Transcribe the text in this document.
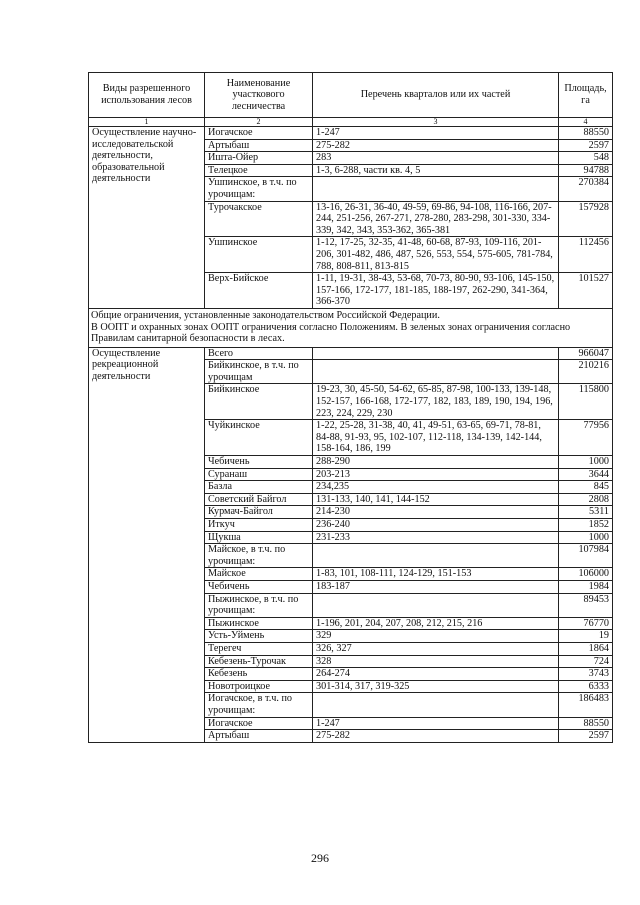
Виды разрешенного использования лесов	Наименование участкового лесничества	Перечень кварталов или их частей	Площадь, га
1	2	3	4
Осуществление научно-исследовательской деятельности, образовательной деятельности	Иогачское	1-247	88550
	Артыбаш	275-282	2597
	Ишта-Ойер	283	548
	Телецкое	1-3, 6-288, части кв. 4, 5	94788
	Ушпинское, в т.ч. по урочищам:		270384
	Турочакское	13-16, 26-31, 36-40, 49-59, 69-86, 94-108, 116-166, 207-244, 251-256, 267-271, 278-280, 283-298, 301-330, 334-339, 342, 343, 353-362, 365-381	157928
	Ушпинское	1-12, 17-25, 32-35, 41-48, 60-68, 87-93, 109-116, 201-206, 301-482, 486, 487, 526, 553, 554, 575-605, 781-784, 788, 808-811, 813-815	112456
	Верх-Бийское	1-11, 19-31, 38-43, 53-68, 70-73, 80-90, 93-106, 145-150, 157-166, 172-177, 181-185, 188-197, 262-290, 341-364, 366-370	101527

Общие ограничения, установленные законодательством Российской Федерации.
В ООПТ и охранных зонах ООПТ ограничения согласно Положениям. В зеленых зонах ограничения согласно Правилам санитарной безопасности в лесах.			

Осуществление рекреационной деятельности	Всего		966047
	Бийкинское, в т.ч. по урочищам		210216
	Бийкинское	19-23, 30, 45-50, 54-62, 65-85, 87-98, 100-133, 139-148, 152-157, 166-168, 172-177, 182, 183, 189, 190, 194, 196, 223, 224, 229, 230	115800
	Чуйкинское	1-22, 25-28, 31-38, 40, 41, 49-51, 63-65, 69-71, 78-81, 84-88, 91-93, 95, 102-107, 112-118, 134-139, 142-144, 158-164, 186, 199	77956
	Чебичень	288-290	1000
	Суранаш	203-213	3644
	Базла	234,235	845
	Советский Байгол	131-133, 140, 141, 144-152	2808
	Курмач-Байгол	214-230	5311
	Иткуч	236-240	1852
	Щукша	231-233	1000
	Майское, в т.ч. по урочищам:		107984
	Майское	1-83, 101, 108-111, 124-129, 151-153	106000
	Чебичень	183-187	1984
	Пыжинское, в т.ч. по урочищам:		89453
	Пыжинское	1-196, 201, 204, 207, 208, 212, 215, 216	76770
	Усть-Уймень	329	19
	Терегеч	326, 327	1864
	Кебезень-Турочак	328	724
	Кебезень	264-274	3743
	Новотроицкое	301-314, 317, 319-325	6333
	Иогачское, в т.ч. по урочищам:		186483
	Иогачское	1-247	88550
	Артыбаш	275-282	2597
296
